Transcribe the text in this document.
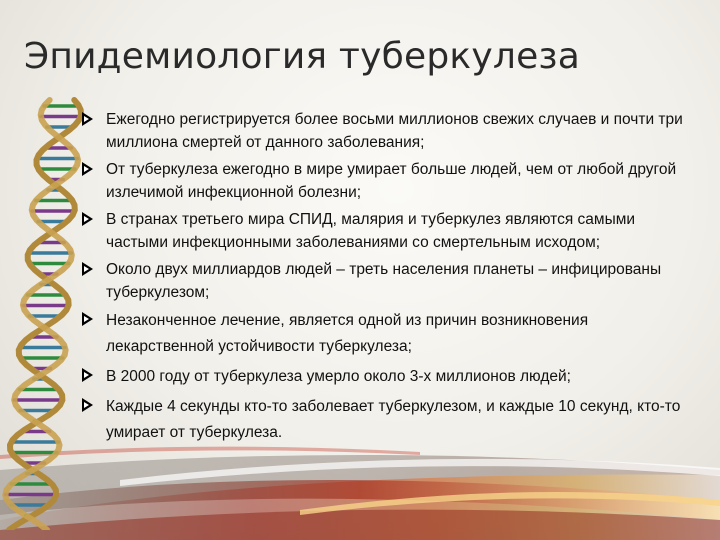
Эпидемиология туберкулеза
Ежегодно регистрируется более восьми миллионов свежих случаев и почти три миллиона смертей от данного заболевания;
От туберкулеза ежегодно в мире умирает больше людей, чем от любой другой излечимой инфекционной болезни;
В странах третьего мира СПИД, малярия и туберкулез являются самыми частыми инфекционными заболеваниями со смертельным исходом;
Около двух миллиардов людей – треть населения планеты – инфицированы туберкулезом;
Незаконченное лечение, является одной из причин возникновения лекарственной устойчивости туберкулеза;
В 2000 году от туберкулеза умерло около 3-х миллионов людей;
Каждые 4 секунды кто-то заболевает туберкулезом, и каждые 10 секунд, кто-то умирает от туберкулеза.
